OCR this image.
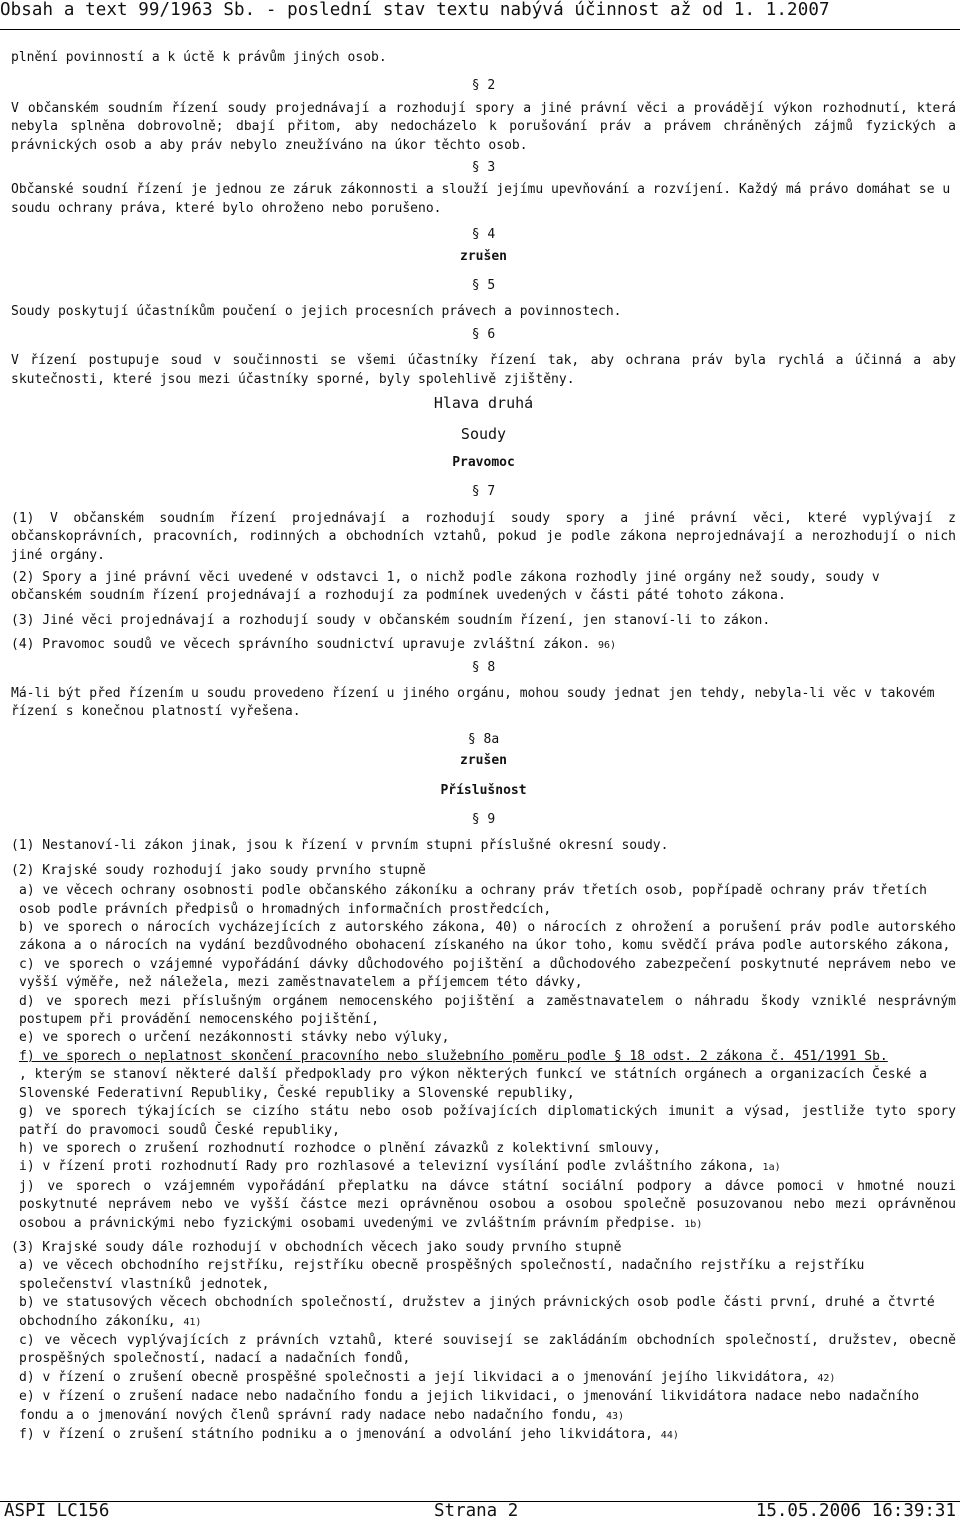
Obsah a text 99/1963 Sb. - poslední stav textu nabývá účinnost až od 1. 1.2007

plnění povinností a k úctě k právům jiných osob.

§ 2

V občanském soudním řízení soudy projednávají a rozhodují spory a jiné právní věci a provádějí výkon rozhodnutí, která nebyla splněna dobrovolně; dbají přitom, aby nedocházelo k porušování práv a právem chráněných zájmů fyzických a právnických osob a aby práv nebylo zneužíváno na úkor těchto osob.

§ 3

Občanské soudní řízení je jednou ze záruk zákonnosti a slouží jejímu upevňování a rozvíjení. Každý má právo domáhat se u soudu ochrany práva, které bylo ohroženo nebo porušeno.

§ 4

zrušen

§ 5

Soudy poskytují účastníkům poučení o jejich procesních právech a povinnostech.

§ 6

V řízení postupuje soud v součinnosti se všemi účastníky řízení tak, aby ochrana práv byla rychlá a účinná a aby skutečnosti, které jsou mezi účastníky sporné, byly spolehlivě zjištěny.

Hlava druhá

Soudy

Pravomoc

§ 7

(1) V občanském soudním řízení projednávají a rozhodují soudy spory a jiné právní věci, které vyplývají z občanskoprávních, pracovních, rodinných a obchodních vztahů, pokud je podle zákona neprojednávají a nerozhodují o nich jiné orgány.

(2) Spory a jiné právní věci uvedené v odstavci 1, o nichž podle zákona rozhodly jiné orgány než soudy, soudy v občanském soudním řízení projednávají a rozhodují za podmínek uvedených v části páté tohoto zákona.

(3) Jiné věci projednávají a rozhodují soudy v občanském soudním řízení, jen stanoví-li to zákon.

(4) Pravomoc soudů ve věcech správního soudnictví upravuje zvláštní zákon. 96)

§ 8

Má-li být před řízením u soudu provedeno řízení u jiného orgánu, mohou soudy jednat jen tehdy, nebyla-li věc v takovém řízení s konečnou platností vyřešena.

§ 8a

zrušen

Příslušnost

§ 9

(1) Nestanoví-li zákon jinak, jsou k řízení v prvním stupni příslušné okresní soudy.

(2) Krajské soudy rozhodují jako soudy prvního stupně

a) ve věcech ochrany osobnosti podle občanského zákoníku a ochrany práv třetích osob, popřípadě ochrany práv třetích osob podle právních předpisů o hromadných informačních prostředcích,

b) ve sporech o nárocích vycházejících z autorského zákona, 40) o nárocích z ohrožení a porušení práv podle autorského zákona a o nárocích na vydání bezdůvodného obohacení získaného na úkor toho, komu svědčí práva podle autorského zákona,

c) ve sporech o vzájemné vypořádání dávky důchodového pojištění a důchodového zabezpečení poskytnuté neprávem nebo ve vyšší výměře, než náležela, mezi zaměstnavatelem a příjemcem této dávky,

d) ve sporech mezi příslušným orgánem nemocenského pojištění a zaměstnavatelem o náhradu škody vzniklé nesprávným postupem při provádění nemocenského pojištění,

e) ve sporech o určení nezákonnosti stávky nebo výluky,

f) ve sporech o neplatnost skončení pracovního nebo služebního poměru podle § 18 odst. 2 zákona č. 451/1991 Sb.

, kterým se stanoví některé další předpoklady pro výkon některých funkcí ve státních orgánech a organizacích České a Slovenské Federativní Republiky, České republiky a Slovenské republiky,

g) ve sporech týkajících se cizího státu nebo osob požívajících diplomatických imunit a výsad, jestliže tyto spory patří do pravomoci soudů České republiky,

h) ve sporech o zrušení rozhodnutí rozhodce o plnění závazků z kolektivní smlouvy,

i) v řízení proti rozhodnutí Rady pro rozhlasové a televizní vysílání podle zvláštního zákona, 1a)

j) ve sporech o vzájemném vypořádání přeplatku na dávce státní sociální podpory a dávce pomoci v hmotné nouzi poskytnuté neprávem nebo ve vyšší částce mezi oprávněnou osobou a osobou společně posuzovanou nebo mezi oprávněnou osobou a právnickými nebo fyzickými osobami uvedenými ve zvláštním právním předpise. 1b)

(3) Krajské soudy dále rozhodují v obchodních věcech jako soudy prvního stupně

a) ve věcech obchodního rejstříku, rejstříku obecně prospěšných společností, nadačního rejstříku a rejstříku společenství vlastníků jednotek,

b) ve statusových věcech obchodních společností, družstev a jiných právnických osob podle části první, druhé a čtvrté obchodního zákoníku, 41)

c) ve věcech vyplývajících z právních vztahů, které souvisejí se zakládáním obchodních společností, družstev, obecně prospěšných společností, nadací a nadačních fondů,

d) v řízení o zrušení obecně prospěšné společnosti a její likvidaci a o jmenování jejího likvidátora, 42)

e) v řízení o zrušení nadace nebo nadačního fondu a jejich likvidaci, o jmenování likvidátora nadace nebo nadačního fondu a o jmenování nových členů správní rady nadace nebo nadačního fondu, 43)

f) v řízení o zrušení státního podniku a o jmenování a odvolání jeho likvidátora, 44)

ASPI LC156	Strana 2	15.05.2006 16:39:31
